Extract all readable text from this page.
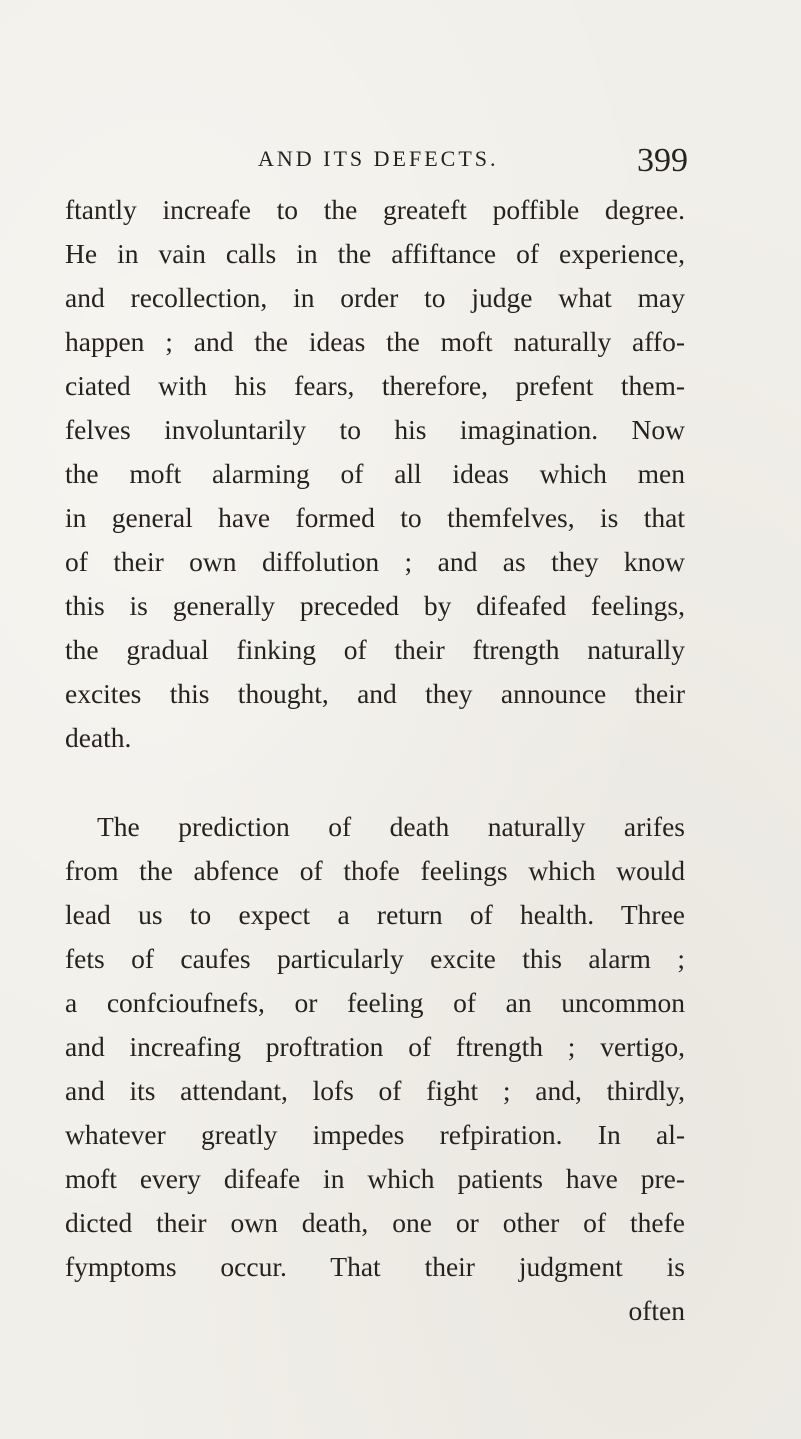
AND ITS DEFECTS.	399
ftantly increafe to the greateft poffible degree.
He in vain calls in the affiftance of experience,
and recollection, in order to judge what may
happen ; and the ideas the moft naturally affo-
ciated with his fears, therefore, prefent them-
felves involuntarily to his imagination. Now
the moft alarming of all ideas which men
in general have formed to themfelves, is that
of their own diffolution ; and as they know
this is generally preceded by difeafed feelings,
the gradual finking of their ftrength naturally
excites this thought, and they announce their
death.
The prediction of death naturally arifes
from the abfence of thofe feelings which would
lead us to expect a return of health. Three
fets of caufes particularly excite this alarm ;
a confcioufnefs, or feeling of an uncommon
and increafing proftration of ftrength ; vertigo,
and its attendant, lofs of fight ; and, thirdly,
whatever greatly impedes refpiration. In al-
moft every difeafe in which patients have pre-
dicted their own death, one or other of thefe
fymptoms occur. That their judgment is
often
